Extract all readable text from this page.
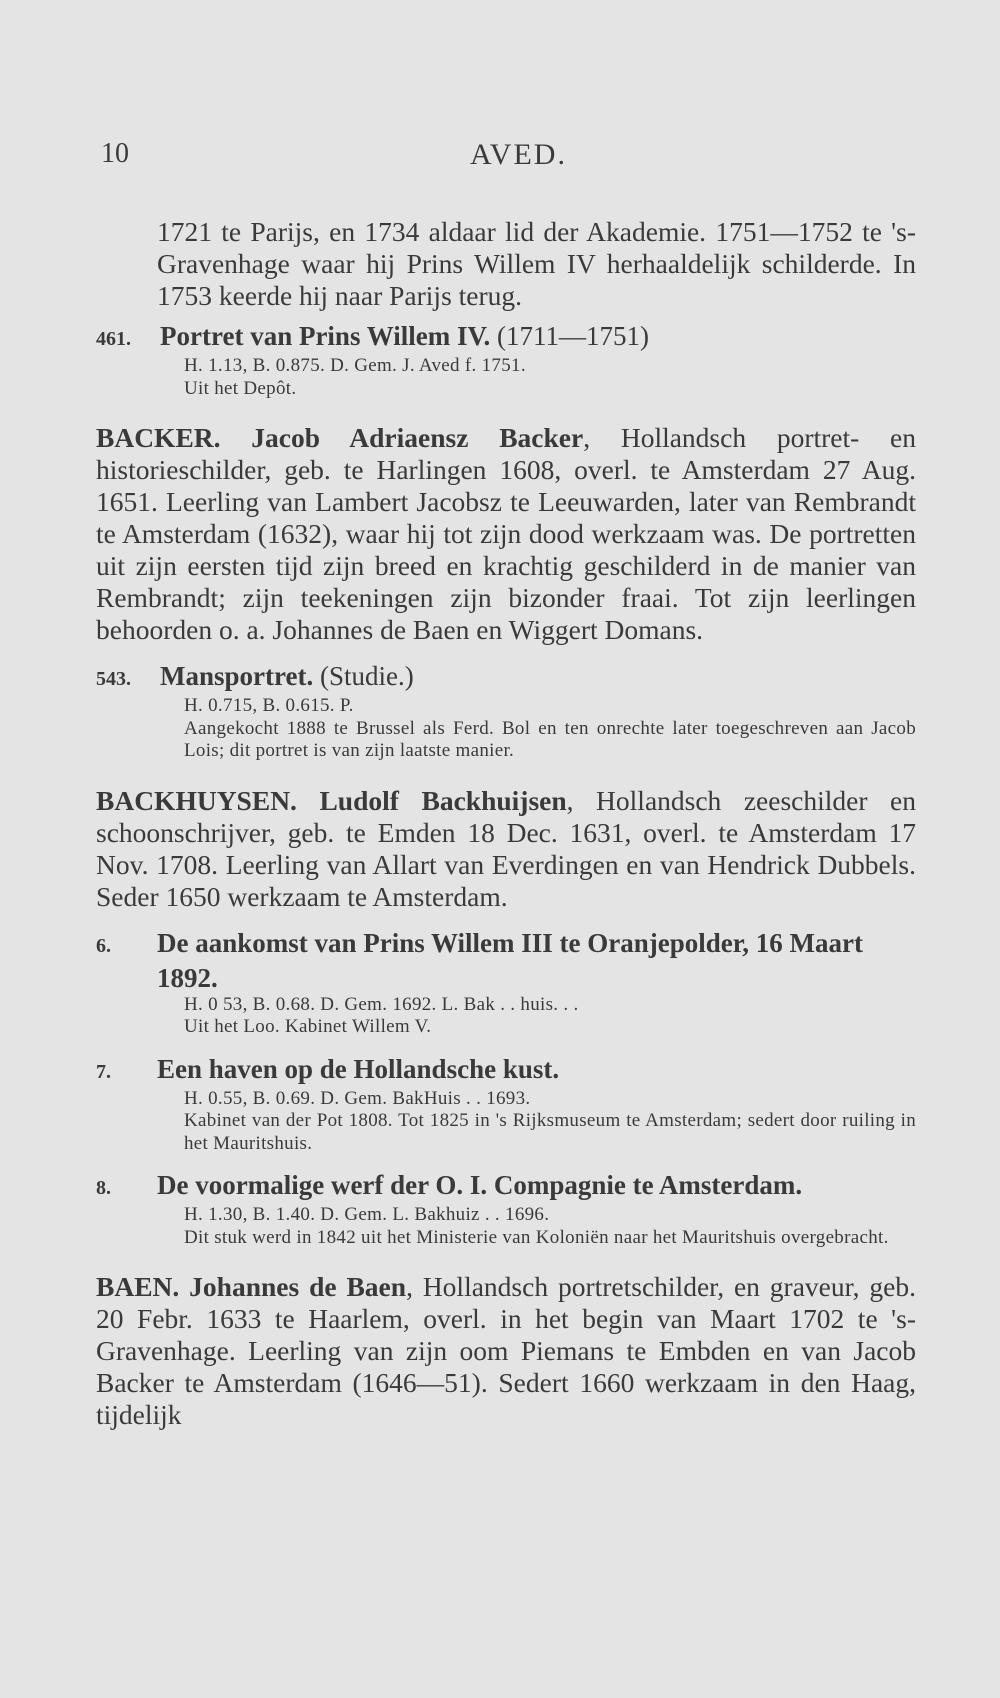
10	AVED.

1721 te Parijs, en 1734 aldaar lid der Akademie. 1751—1752 te 's-Gravenhage waar hij Prins Willem IV herhaaldelijk schilderde. In 1753 keerde hij naar Parijs terug.

461. Portret van Prins Willem IV. (1711—1751)
H. 1.13, B. 0.875. D. Gem. J. Aved f. 1751.
Uit het Depôt.

BACKER. Jacob Adriaensz Backer, Hollandsch portret- en historieschilder, geb. te Harlingen 1608, overl. te Amsterdam 27 Aug. 1651. Leerling van Lambert Jacobsz te Leeuwarden, later van Rembrandt te Amsterdam (1632), waar hij tot zijn dood werkzaam was. De portretten uit zijn eersten tijd zijn breed en krachtig geschilderd in de manier van Rembrandt; zijn teekeningen zijn bizonder fraai. Tot zijn leerlingen behoorden o. a. Johannes de Baen en Wiggert Domans.

543. Mansportret. (Studie.)
H. 0.715, B. 0.615. P.
Aangekocht 1888 te Brussel als Ferd. Bol en ten onrechte later toegeschreven aan Jacob Lois; dit portret is van zijn laatste manier.

BACKHUYSEN. Ludolf Backhuijsen, Hollandsch zeeschilder en schoonschrijver, geb. te Emden 18 Dec. 1631, overl. te Amsterdam 17 Nov. 1708. Leerling van Allart van Everdingen en van Hendrick Dubbels. Seder 1650 werkzaam te Amsterdam.

6. De aankomst van Prins Willem III te Oranjepolder, 16 Maart 1892.
H. 0 53, B. 0.68. D. Gem. 1692. L. Bak . . huis. . .
Uit het Loo. Kabinet Willem V.
7. Een haven op de Hollandsche kust.
H. 0.55, B. 0.69. D. Gem. BakHuis . . 1693.
Kabinet van der Pot 1808. Tot 1825 in 's Rijksmuseum te Amsterdam; sedert door ruiling in het Mauritshuis.
8. De voormalige werf der O. I. Compagnie te Amsterdam.
H. 1.30, B. 1.40. D. Gem. L. Bakhuiz . . 1696.
Dit stuk werd in 1842 uit het Ministerie van Koloniën naar het Mauritshuis overgebracht.

BAEN. Johannes de Baen, Hollandsch portretschilder, en graveur, geb. 20 Febr. 1633 te Haarlem, overl. in het begin van Maart 1702 te 's-Gravenhage. Leerling van zijn oom Piemans te Embden en van Jacob Backer te Amsterdam (1646—51). Sedert 1660 werkzaam in den Haag, tijdelijk
